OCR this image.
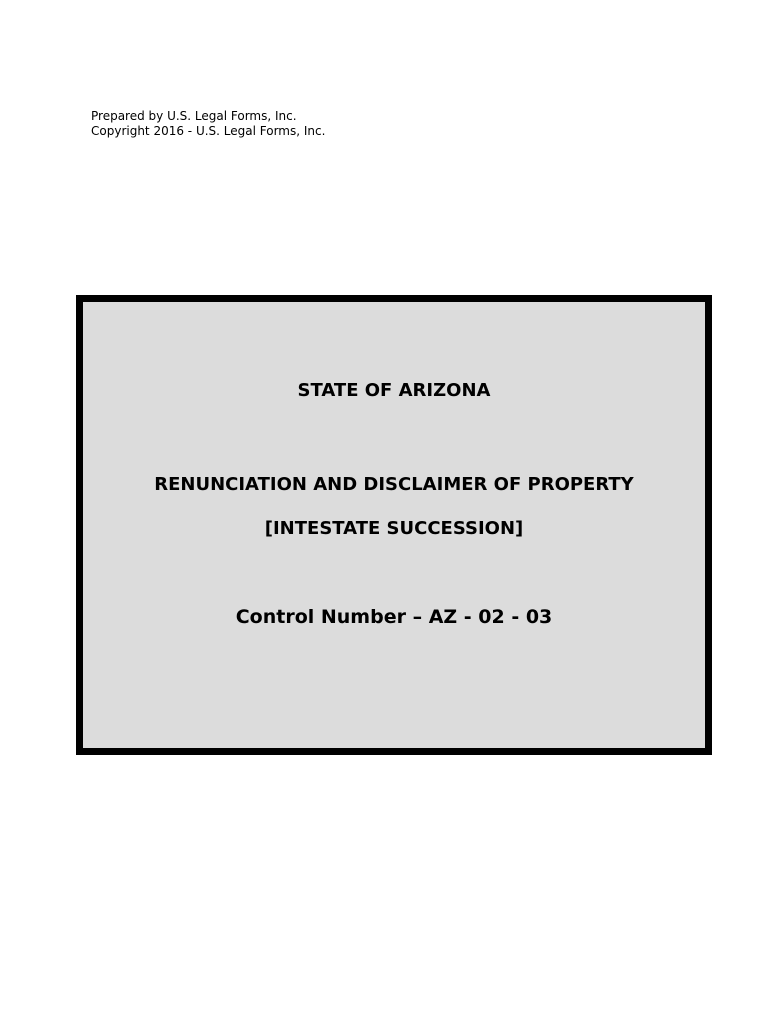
Prepared by U.S. Legal Forms, Inc.
Copyright 2016 - U.S. Legal Forms, Inc.
STATE OF ARIZONA
RENUNCIATION AND DISCLAIMER OF PROPERTY
[INTESTATE SUCCESSION]
Control Number – AZ - 02 - 03
